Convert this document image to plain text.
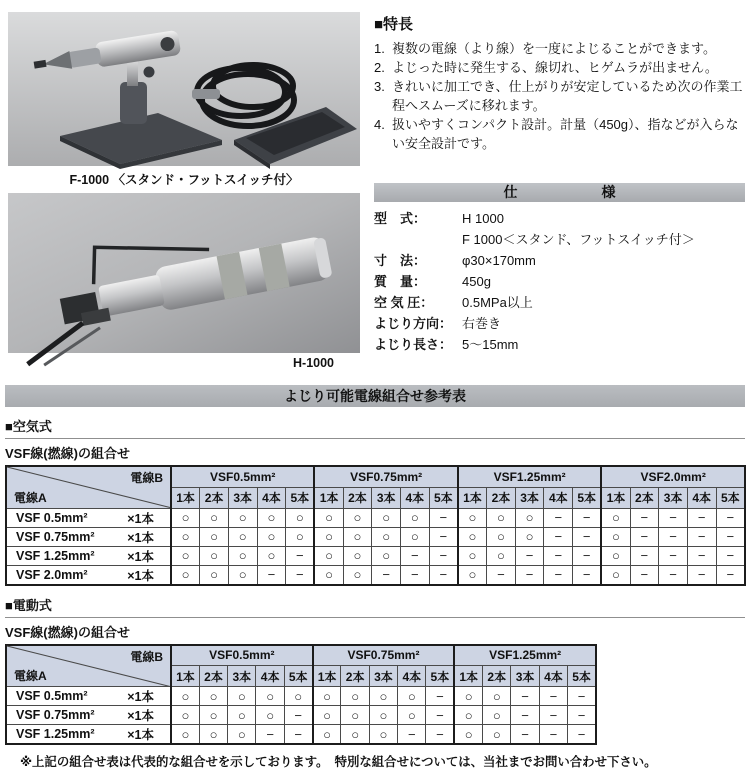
F-1000 〈スタンド・フットスイッチ付〉
H-1000
■特長
1. 複数の電線（より線）を一度によじることができます。
2. よじった時に発生する、線切れ、ヒゲムラが出ません。
3. きれいに加工でき、仕上がりが安定しているため次の作業工程へスムーズに移れます。
4. 扱いやすくコンパクト設計。計量（450g）、指などが入らない安全設計です。
仕　　　　　　様
型　式：	H 1000
F 1000＜スタンド、フットスイッチ付＞
寸　法：	φ30×170mm
質　量：	450g
空 気 圧：	0.5MPa以上
よじり方向： 右巻き
よじり長さ： 5〜15mm
よじり可能電線組合せ参考表
■空気式
VSF線(撚線)の組合せ
電線B
電線A	VSF0.5mm²					VSF0.75mm²					VSF1.25mm²					VSF2.0mm²				
	1本	2本	3本	4本	5本	1本	2本	3本	4本	5本	1本	2本	3本	4本	5本	1本	2本	3本	4本	5本

VSF 0.5mm² ×1本	○	○	○	○	○	○	○	○	○	−	○	○	○	−	−	○	−	−	−	−

VSF 0.75mm² ×1本	○	○	○	○	○	○	○	○	○	−	○	○	○	−	−	○	−	−	−	−

VSF 1.25mm² ×1本	○	○	○	○	−	○	○	○	−	−	○	○	−	−	−	○	−	−	−	−

VSF 2.0mm² ×1本	○	○	○	−	−	○	○	−	−	−	○	−	−	−	−	○	−	−	−	−
■電動式
VSF線(撚線)の組合せ
電線B
電線A	VSF0.5mm²					VSF0.75mm²					VSF1.25mm²				
	1本	2本	3本	4本	5本	1本	2本	3本	4本	5本	1本	2本	3本	4本	5本

VSF 0.5mm² ×1本	○	○	○	○	○	○	○	○	○	−	○	○	−	−	−

VSF 0.75mm² ×1本	○	○	○	○	−	○	○	○	○	−	○	○	−	−	−

VSF 1.25mm² ×1本	○	○	○	−	−	○	○	○	−	−	○	○	−	−	−
※上記の組合せ表は代表的な組合せを示しております。　特別な組合せについては、当社までお問い合わせ下さい。
